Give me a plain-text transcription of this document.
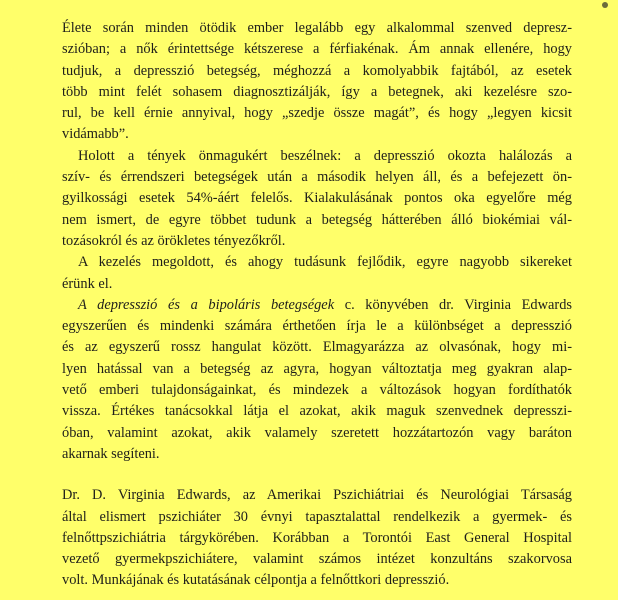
Élete során minden ötödik ember legalább egy alkalommal szenved depresz-
szióban; a nők érintettsége kétszerese a férfiakénak. Ám annak ellenére, hogy
tudjuk, a depresszió betegség, méghozzá a komolyabbik fajtából, az esetek
több mint felét sohasem diagnosztizálják, így a betegnek, aki kezelésre szo-
rul, be kell érnie annyival, hogy „szedje össze magát”, és hogy „legyen kicsit
vidámabb”.

Holott a tények önmagukért beszélnek: a depresszió okozta halálozás a
szív- és érrendszeri betegségek után a második helyen áll, és a befejezett ön-
gyilkossági esetek 54%-áért felelős. Kialakulásának pontos oka egyelőre még
nem ismert, de egyre többet tudunk a betegség hátterében álló biokémiai vál-
tozásokról és az örökletes tényezőkről.

A kezelés megoldott, és ahogy tudásunk fejlődik, egyre nagyobb sikereket
érünk el.

A depresszió és a bipoláris betegségek c. könyvében dr. Virginia Edwards
egyszerűen és mindenki számára érthetően írja le a különbséget a depresszió
és az egyszerű rossz hangulat között. Elmagyarázza az olvasónak, hogy mi-
lyen hatással van a betegség az agyra, hogyan változtatja meg gyakran alap-
vető emberi tulajdonságainkat, és mindezek a változások hogyan fordíthatók
vissza. Értékes tanácsokkal látja el azokat, akik maguk szenvednek depresszi-
óban, valamint azokat, akik valamely szeretett hozzátartozón vagy baráton
akarnak segíteni.

Dr. D. Virginia Edwards, az Amerikai Pszichiátriai és Neurológiai Társaság
által elismert pszichiáter 30 évnyi tapasztalattal rendelkezik a gyermek- és
felnőttpszichiátria tárgykörében. Korábban a Torontói East General Hospital
vezető gyermekpszichiátere, valamint számos intézet konzultáns szakorvosa
volt. Munkájának és kutatásának célpontja a felnőttkori depresszió.
